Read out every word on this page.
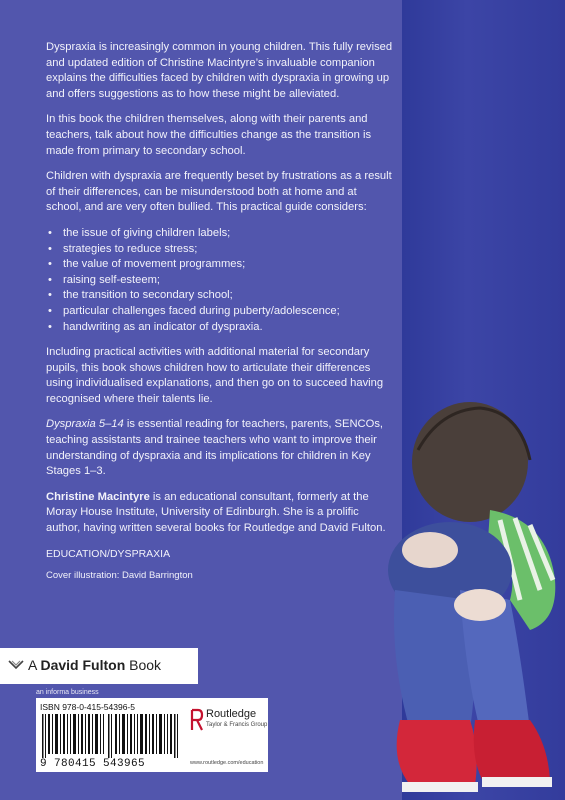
Dyspraxia is increasingly common in young children. This fully revised and updated edition of Christine Macintyre’s invaluable companion explains the difficulties faced by children with dyspraxia in growing up and offers suggestions as to how these might be alleviated.

In this book the children themselves, along with their parents and teachers, talk about how the difficulties change as the transition is made from primary to secondary school.

Children with dyspraxia are frequently beset by frustrations as a result of their differences, can be misunderstood both at home and at school, and are very often bullied. This practical guide considers:

• the issue of giving children labels;
• strategies to reduce stress;
• the value of movement programmes;
• raising self-esteem;
• the transition to secondary school;
• particular challenges faced during puberty/adolescence;
• handwriting as an indicator of dyspraxia.

Including practical activities with additional material for secondary pupils, this book shows children how to articulate their differences using individualised explanations, and then go on to succeed having recognised where their talents lie.

Dyspraxia 5–14 is essential reading for teachers, parents, SENCOs, teaching assistants and trainee teachers who want to improve their understanding of dyspraxia and its implications for children in Key Stages 1–3.

Christine Macintyre is an educational consultant, formerly at the Moray House Institute, University of Edinburgh. She is a prolific author, having written several books for Routledge and David Fulton.

EDUCATION/DYSPRAXIA
Cover illustration: David Barrington
A David Fulton Book
an informa business
ISBN 978-0-415-54396-5
9 780415 543965
Routledge
Taylor & Francis Group
www.routledge.com/education
